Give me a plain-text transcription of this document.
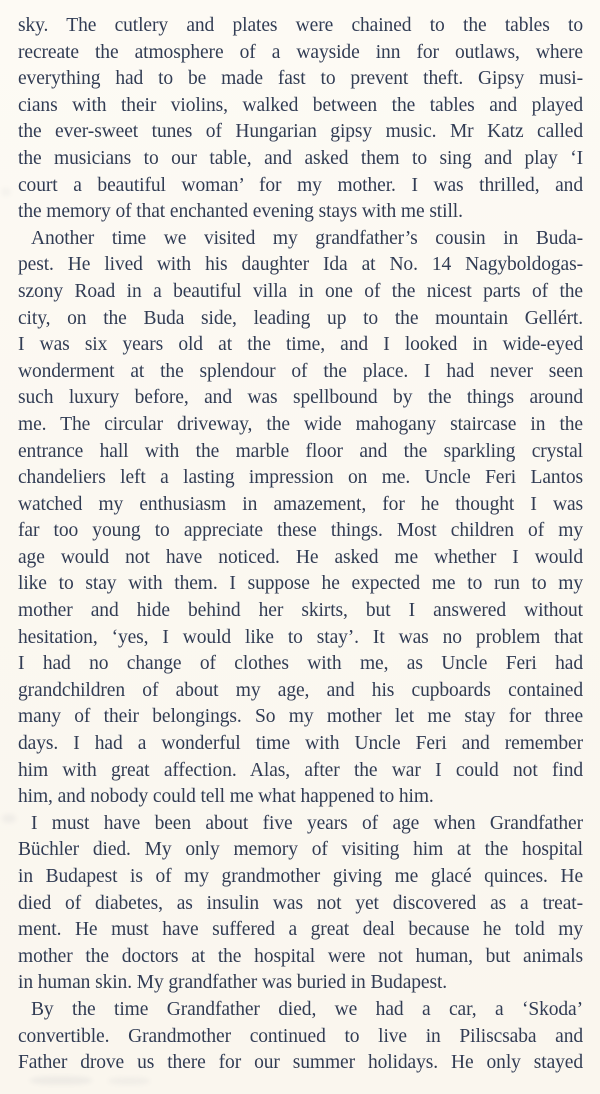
sky. The cutlery and plates were chained to the tables to
recreate the atmosphere of a wayside inn for outlaws, where
everything had to be made fast to prevent theft. Gipsy musi-
cians with their violins, walked between the tables and played
the ever-sweet tunes of Hungarian gipsy music. Mr Katz called
the musicians to our table, and asked them to sing and play ‘I
court a beautiful woman’ for my mother. I was thrilled, and
the memory of that enchanted evening stays with me still.
Another time we visited my grandfather’s cousin in Buda-
pest. He lived with his daughter Ida at No. 14 Nagyboldogas-
szony Road in a beautiful villa in one of the nicest parts of the
city, on the Buda side, leading up to the mountain Gellért.
I was six years old at the time, and I looked in wide-eyed
wonderment at the splendour of the place. I had never seen
such luxury before, and was spellbound by the things around
me. The circular driveway, the wide mahogany staircase in the
entrance hall with the marble floor and the sparkling crystal
chandeliers left a lasting impression on me. Uncle Feri Lantos
watched my enthusiasm in amazement, for he thought I was
far too young to appreciate these things. Most children of my
age would not have noticed. He asked me whether I would
like to stay with them. I suppose he expected me to run to my
mother and hide behind her skirts, but I answered without
hesitation, ‘yes, I would like to stay’. It was no problem that
I had no change of clothes with me, as Uncle Feri had
grandchildren of about my age, and his cupboards contained
many of their belongings. So my mother let me stay for three
days. I had a wonderful time with Uncle Feri and remember
him with great affection. Alas, after the war I could not find
him, and nobody could tell me what happened to him.
I must have been about five years of age when Grandfather
Büchler died. My only memory of visiting him at the hospital
in Budapest is of my grandmother giving me glacé quinces. He
died of diabetes, as insulin was not yet discovered as a treat-
ment. He must have suffered a great deal because he told my
mother the doctors at the hospital were not human, but animals
in human skin. My grandfather was buried in Budapest.
By the time Grandfather died, we had a car, a ‘Skoda’
convertible. Grandmother continued to live in Piliscsaba and
Father drove us there for our summer holidays. He only stayed
